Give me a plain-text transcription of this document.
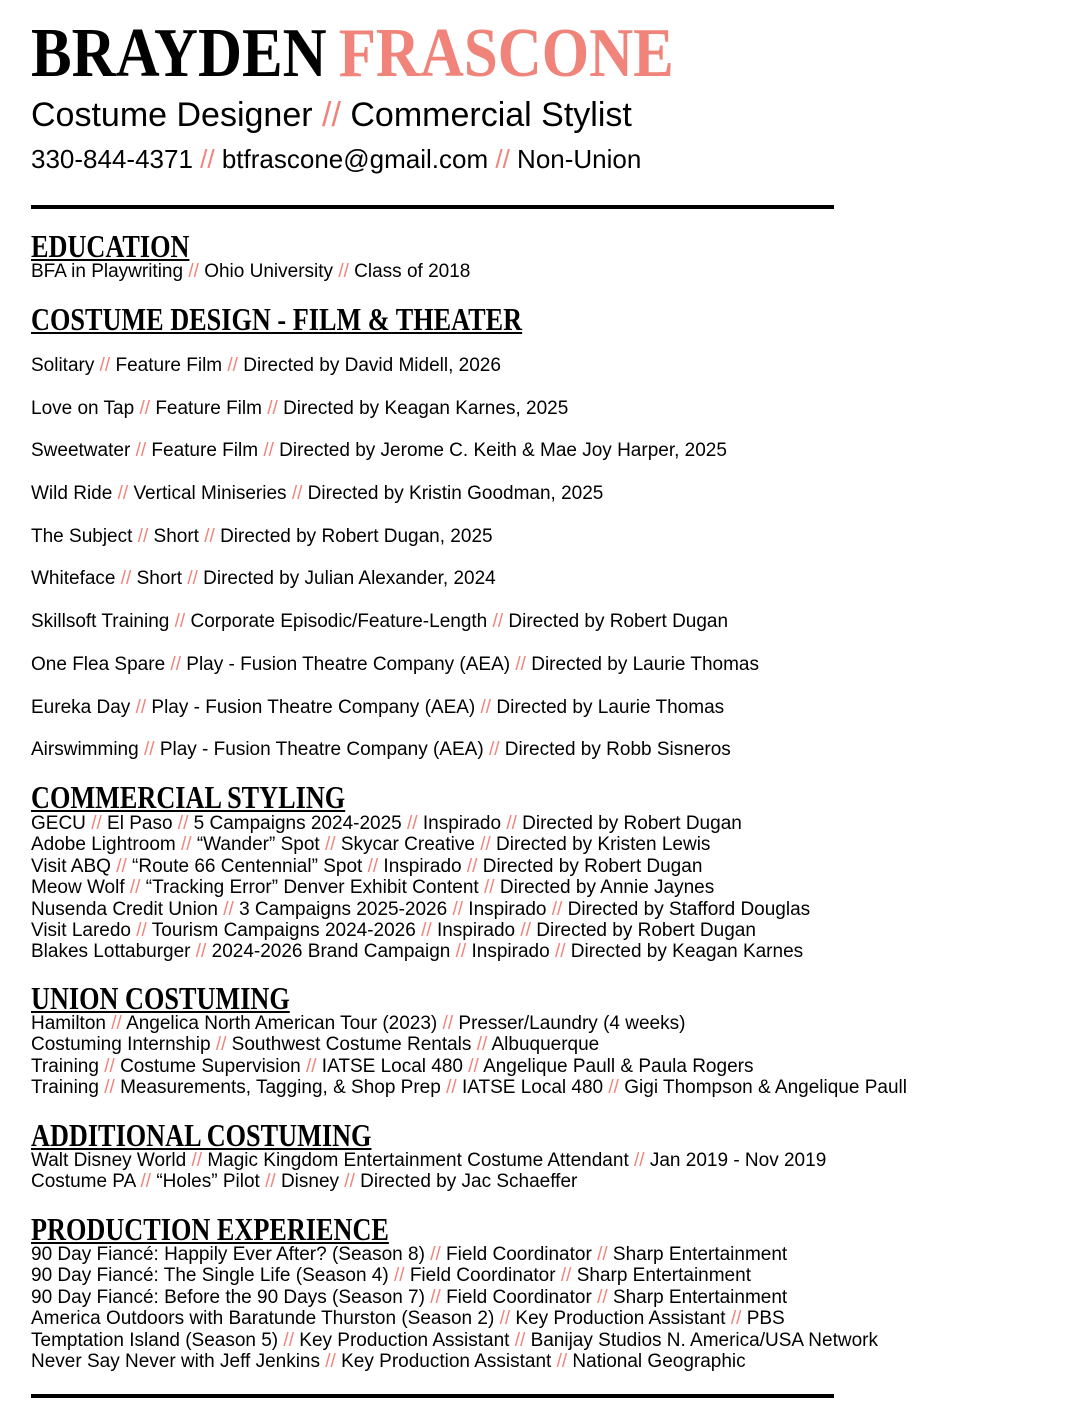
BRAYDEN FRASCONE
Costume Designer // Commercial Stylist
330-844-4371 // btfrascone@gmail.com // Non-Union
EDUCATION
BFA in Playwriting // Ohio University // Class of 2018
COSTUME DESIGN - FILM & THEATER
Solitary // Feature Film // Directed by David Midell, 2026
Love on Tap // Feature Film // Directed by Keagan Karnes, 2025
Sweetwater // Feature Film // Directed by Jerome C. Keith & Mae Joy Harper, 2025
Wild Ride // Vertical Miniseries // Directed by Kristin Goodman, 2025
The Subject // Short // Directed by Robert Dugan, 2025
Whiteface // Short // Directed by Julian Alexander, 2024
Skillsoft Training // Corporate Episodic/Feature-Length // Directed by Robert Dugan
One Flea Spare // Play - Fusion Theatre Company (AEA) // Directed by Laurie Thomas
Eureka Day // Play - Fusion Theatre Company (AEA) // Directed by Laurie Thomas
Airswimming // Play - Fusion Theatre Company (AEA) // Directed by Robb Sisneros
COMMERCIAL STYLING
GECU // El Paso // 5 Campaigns 2024-2025 // Inspirado // Directed by Robert Dugan
Adobe Lightroom // “Wander” Spot // Skycar Creative // Directed by Kristen Lewis
Visit ABQ // “Route 66 Centennial” Spot // Inspirado // Directed by Robert Dugan
Meow Wolf // “Tracking Error” Denver Exhibit Content // Directed by Annie Jaynes
Nusenda Credit Union // 3 Campaigns 2025-2026 // Inspirado // Directed by Stafford Douglas
Visit Laredo // Tourism Campaigns 2024-2026 // Inspirado // Directed by Robert Dugan
Blakes Lottaburger // 2024-2026 Brand Campaign // Inspirado // Directed by Keagan Karnes
UNION COSTUMING
Hamilton // Angelica North American Tour (2023) // Presser/Laundry (4 weeks)
Costuming Internship // Southwest Costume Rentals // Albuquerque
Training // Costume Supervision // IATSE Local 480 // Angelique Paull & Paula Rogers
Training // Measurements, Tagging, & Shop Prep // IATSE Local 480 // Gigi Thompson & Angelique Paull
ADDITIONAL COSTUMING
Walt Disney World // Magic Kingdom Entertainment Costume Attendant // Jan 2019 - Nov 2019
Costume PA // “Holes” Pilot // Disney // Directed by Jac Schaeffer
PRODUCTION EXPERIENCE
90 Day Fiancé: Happily Ever After? (Season 8) // Field Coordinator // Sharp Entertainment
90 Day Fiancé: The Single Life (Season 4) // Field Coordinator // Sharp Entertainment
90 Day Fiancé: Before the 90 Days (Season 7) // Field Coordinator // Sharp Entertainment
America Outdoors with Baratunde Thurston (Season 2) // Key Production Assistant // PBS
Temptation Island (Season 5) // Key Production Assistant // Banijay Studios N. America/USA Network
Never Say Never with Jeff Jenkins // Key Production Assistant // National Geographic
